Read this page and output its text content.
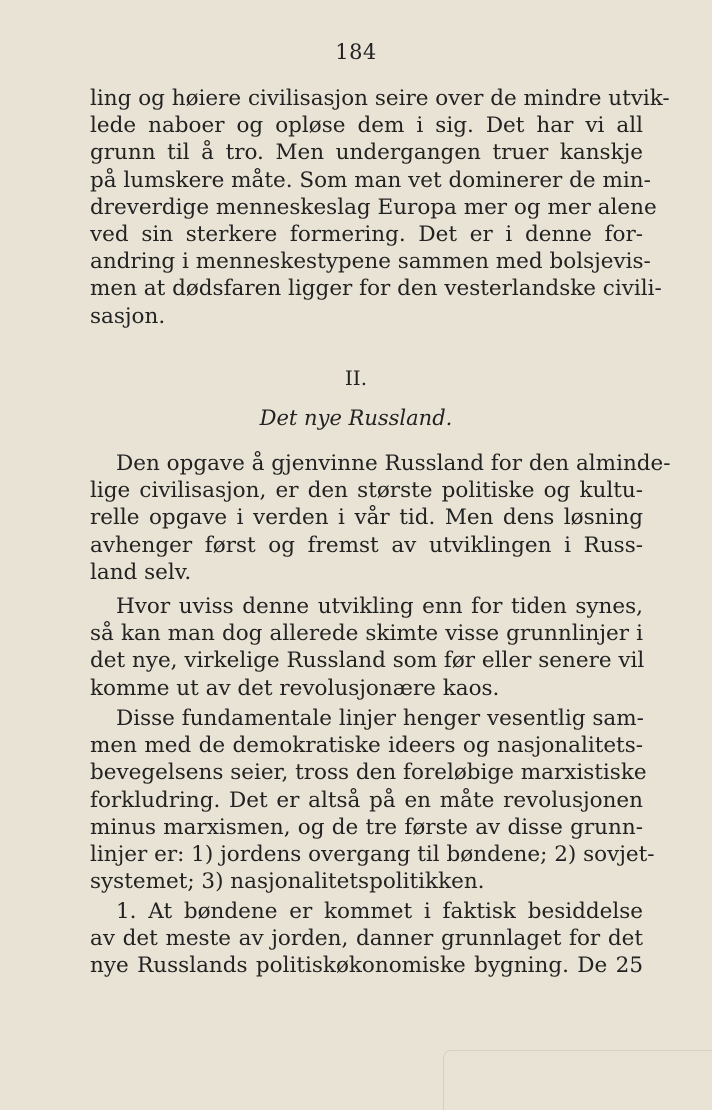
184
ling og høiere civilisasjon seire over de mindre utvik-
lede naboer og opløse dem i sig. Det har vi all
grunn til å tro. Men undergangen truer kanskje
på lumskere måte. Som man vet dominerer de min-
dreverdige menneskeslag Europa mer og mer alene
ved sin sterkere formering. Det er i denne for-
andring i menneskestypene sammen med bolsjevis-
men at dødsfaren ligger for den vesterlandske civili-
sasjon.
II.
Det nye Russland.
Den opgave å gjenvinne Russland for den alminde-
lige civilisasjon, er den største politiske og kultu-
relle opgave i verden i vår tid. Men dens løsning
avhenger først og fremst av utviklingen i Russ-
land selv.
Hvor uviss denne utvikling enn for tiden synes,
så kan man dog allerede skimte visse grunnlinjer i
det nye, virkelige Russland som før eller senere vil
komme ut av det revolusjonære kaos.
Disse fundamentale linjer henger vesentlig sam-
men med de demokratiske ideers og nasjonalitets-
bevegelsens seier, tross den foreløbige marxistiske
forkludring. Det er altså på en måte revolusjonen
minus marxismen, og de tre første av disse grunn-
linjer er: 1) jordens overgang til bøndene; 2) sovjet-
systemet; 3) nasjonalitetspolitikken.
1. At bøndene er kommet i faktisk besiddelse
av det meste av jorden, danner grunnlaget for det
nye Russlands politiskøkonomiske bygning. De 25
